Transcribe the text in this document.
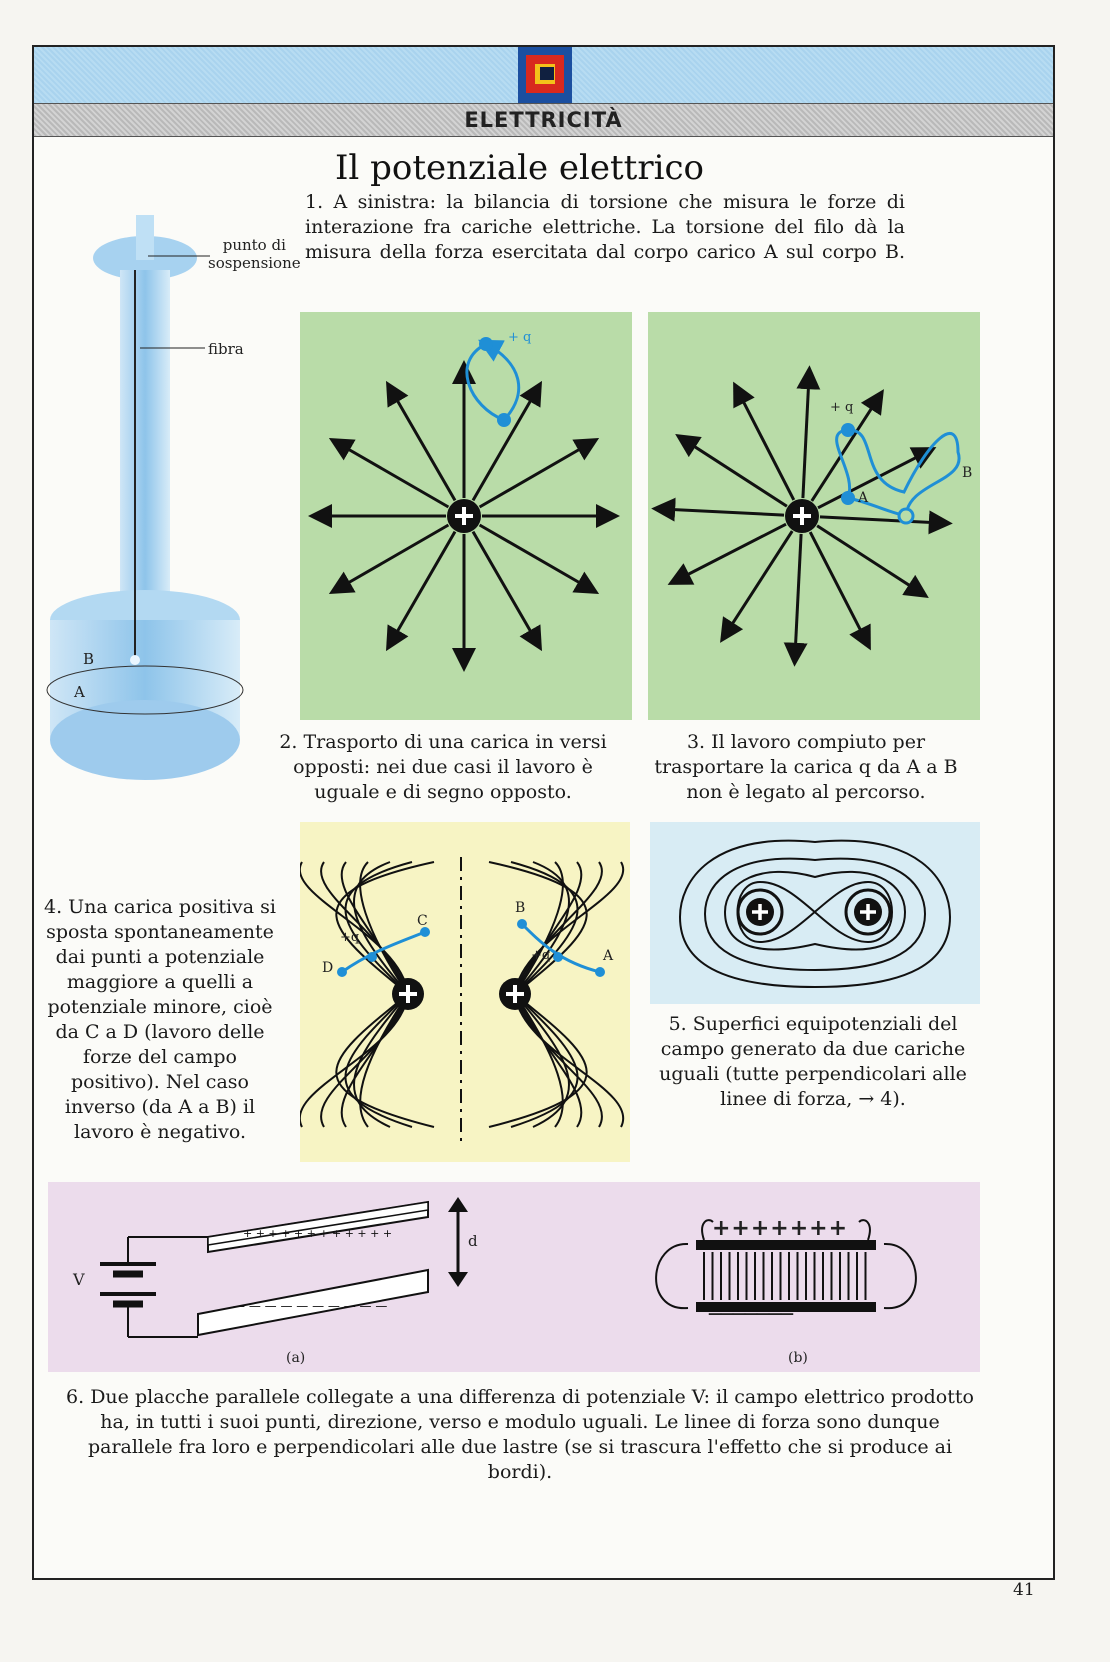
ELETTRICITÀ
Il potenziale elettrico
punto di
sospensione
fibra
B
A
1. A sinistra: la bilancia di torsione che misura le forze di interazione fra cariche elettriche. La torsione del filo dà la misura della forza esercitata dal corpo carico A sul corpo B.
+ q
2. Trasporto di una carica in versi opposti: nei due casi il lavoro è uguale e di segno opposto.
+ q
A
B
3. Il lavoro compiuto per trasportare la carica q da A a B non è legato al percorso.
4. Una carica positiva si sposta spontaneamente dai punti a potenziale maggiore a quelli a potenziale minore, cioè da C a D (lavoro delle forze del campo positivo). Nel caso inverso (da A a B) il lavoro è negativo.
C
D
+q
B
A
+q
5. Superfici equipotenziali del campo generato da due cariche uguali (tutte perpendicolari alle linee di forza, → 4).
+ + + + + + + + + + + +
— — — — — — — — — —
V
d
(a)	(b)
+++++++
———————
6. Due placche parallele collegate a una differenza di potenziale V: il campo elettrico prodotto ha, in tutti i suoi punti, direzione, verso e modulo uguali. Le linee di forza sono dunque parallele fra loro e perpendicolari alle due lastre (se si trascura l'effetto che si produce ai bordi).
41
